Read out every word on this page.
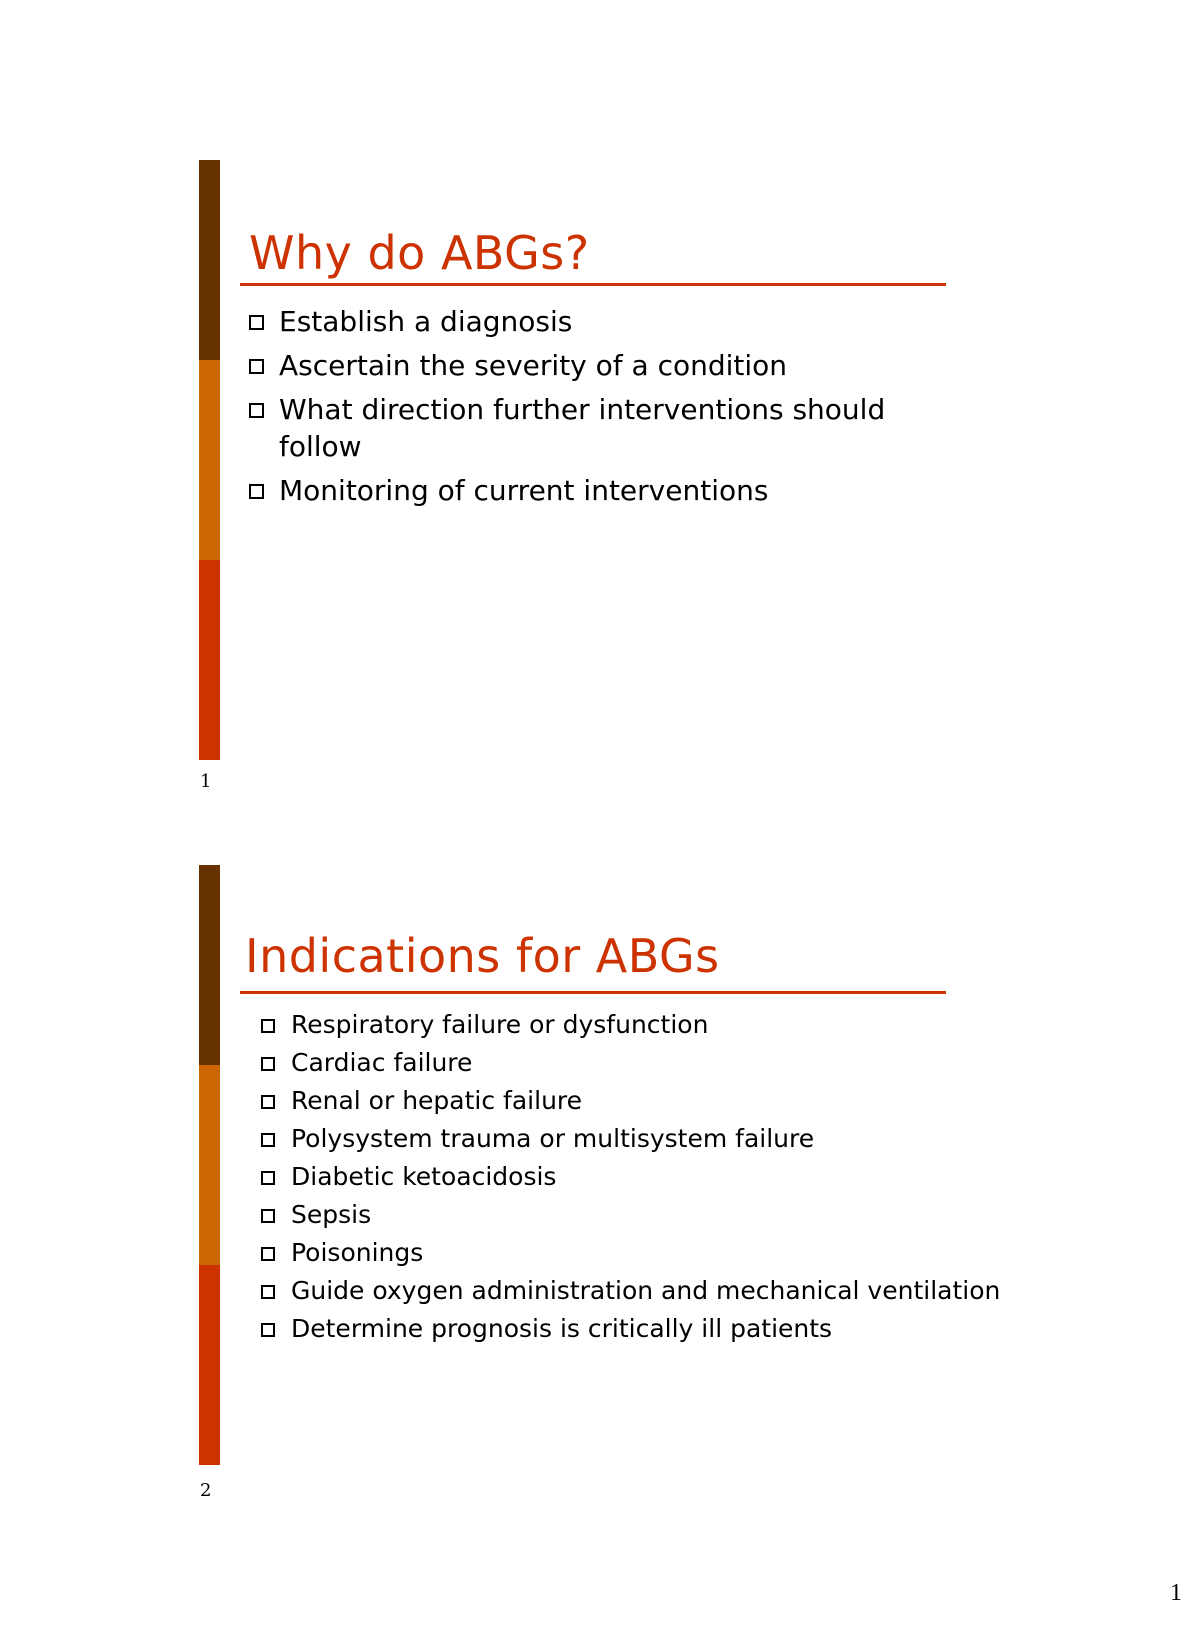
Why do ABGs?
Establish a diagnosis
Ascertain the severity of a condition
What direction further interventions should follow
Monitoring of current interventions
1
Indications for ABGs
Respiratory failure or dysfunction
Cardiac failure
Renal or hepatic failure
Polysystem trauma or multisystem failure
Diabetic ketoacidosis
Sepsis
Poisonings
Guide oxygen administration and mechanical ventilation
Determine prognosis is critically ill patients
2
1
